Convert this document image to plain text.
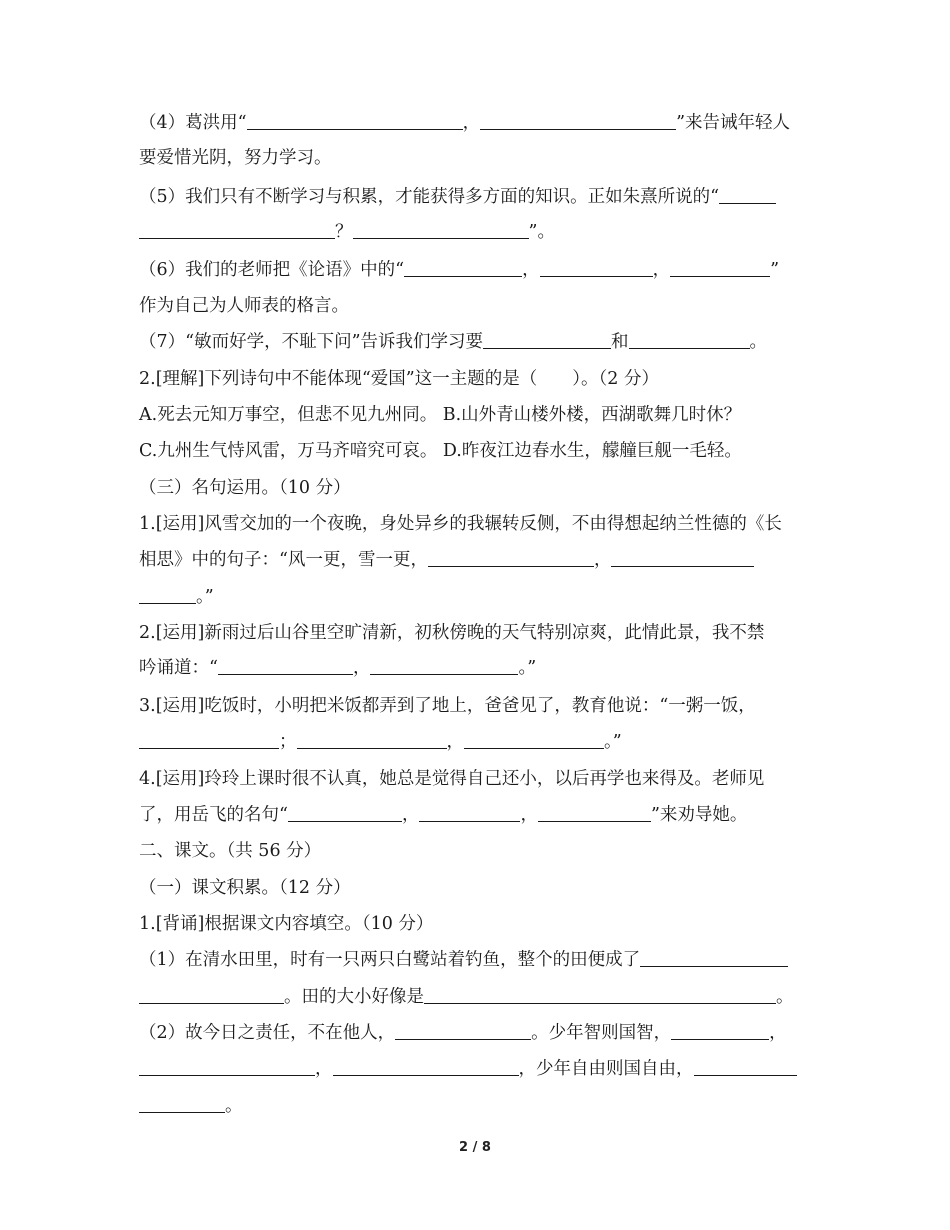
（4）葛洪用“	，	”来告诫年轻人
要爱惜光阴，努力学习。
（5）我们只有不断学习与积累，才能获得多方面的知识。正如朱熹所说的“
？	”。
（6）我们的老师把《论语》中的“	，	，	”
作为自己为人师表的格言。
（7）“敏而好学，不耻下问”告诉我们学习要	和	。
2.[理解]下列诗句中不能体现“爱国”这一主题的是（　　）。（2 分）
A.死去元知万事空，但悲不见九州同。 B.山外青山楼外楼，西湖歌舞几时休？
C.九州生气恃风雷，万马齐喑究可哀。 D.昨夜江边春水生，艨艟巨舰一毛轻。
（三）名句运用。（10 分）
1.[运用]风雪交加的一个夜晚，身处异乡的我辗转反侧，不由得想起纳兰性德的《长
相思》中的句子：“风一更，雪一更，	，
。”
2.[运用]新雨过后山谷里空旷清新，初秋傍晚的天气特别凉爽，此情此景，我不禁
吟诵道：“	，	。”
3.[运用]吃饭时，小明把米饭都弄到了地上，爸爸见了，教育他说：“一粥一饭，
；	，	。”
4.[运用]玲玲上课时很不认真，她总是觉得自己还小，以后再学也来得及。老师见
了，用岳飞的名句“	，	，	”来劝导她。
二、课文。（共 56 分）
（一）课文积累。（12 分）
1.[背诵]根据课文内容填空。（10 分）
（1）在清水田里，时有一只两只白鹭站着钓鱼，整个的田便成了
。田的大小好像是	。
（2）故今日之责任，不在他人，	。少年智则国智，	，
，	，少年自由则国自由，
。
2 / 8
